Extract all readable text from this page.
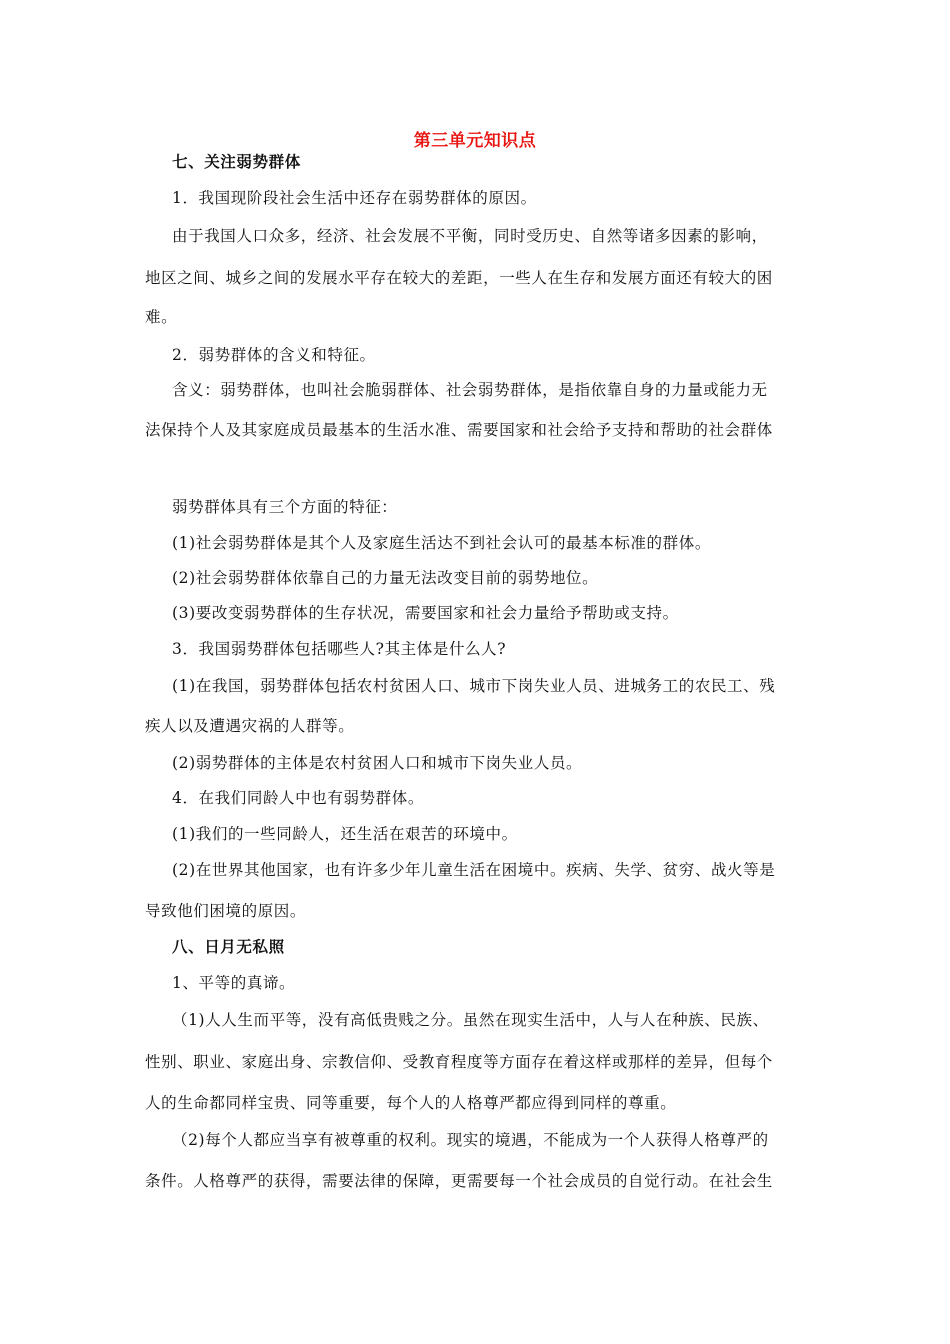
第三单元知识点
七、关注弱势群体
1．我国现阶段社会生活中还存在弱势群体的原因。
由于我国人口众多，经济、社会发展不平衡，同时受历史、自然等诸多因素的影响，
地区之间、城乡之间的发展水平存在较大的差距，一些人在生存和发展方面还有较大的困
难。
2．弱势群体的含义和特征。
含义：弱势群体，也叫社会脆弱群体、社会弱势群体，是指依靠自身的力量或能力无
法保持个人及其家庭成员最基本的生活水准、需要国家和社会给予支持和帮助的社会群体
弱势群体具有三个方面的特征：
(1)社会弱势群体是其个人及家庭生活达不到社会认可的最基本标准的群体。
(2)社会弱势群体依靠自己的力量无法改变目前的弱势地位。
(3)要改变弱势群体的生存状况，需要国家和社会力量给予帮助或支持。
3．我国弱势群体包括哪些人?其主体是什么人?
(1)在我国，弱势群体包括农村贫困人口、城市下岗失业人员、进城务工的农民工、残
疾人以及遭遇灾祸的人群等。
(2)弱势群体的主体是农村贫困人口和城市下岗失业人员。
4．在我们同龄人中也有弱势群体。
(1)我们的一些同龄人，还生活在艰苦的环境中。
(2)在世界其他国家，也有许多少年儿童生活在困境中。疾病、失学、贫穷、战火等是
导致他们困境的原因。
八、日月无私照
1、平等的真谛。
（1)人人生而平等，没有高低贵贱之分。虽然在现实生活中，人与人在种族、民族、
性别、职业、家庭出身、宗教信仰、受教育程度等方面存在着这样或那样的差异，但每个
人的生命都同样宝贵、同等重要，每个人的人格尊严都应得到同样的尊重。
（2)每个人都应当享有被尊重的权利。现实的境遇，不能成为一个人获得人格尊严的
条件。人格尊严的获得，需要法律的保障，更需要每一个社会成员的自觉行动。在社会生
